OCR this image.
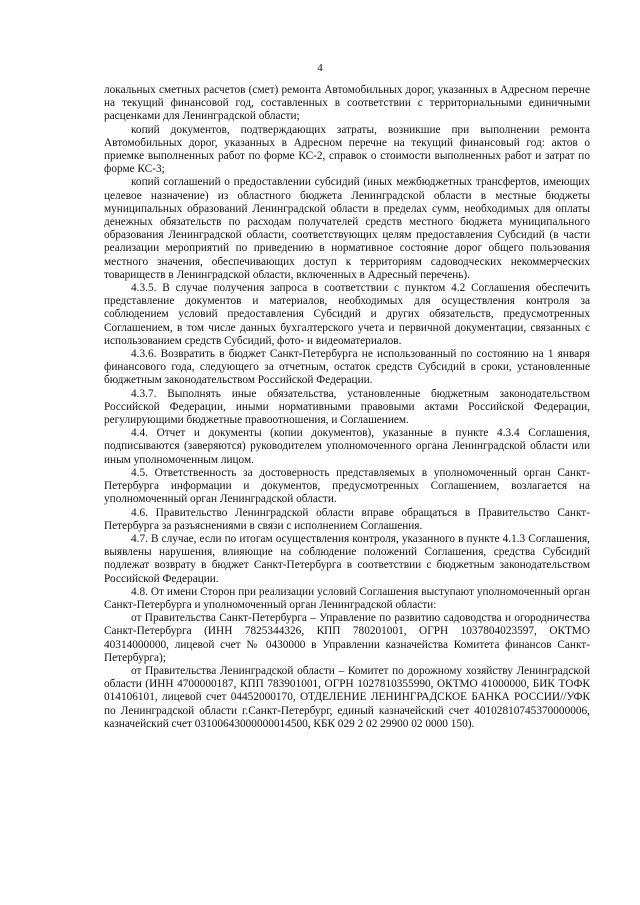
4

локальных сметных расчетов (смет) ремонта Автомобильных дорог, указанных в Адресном перечне на текущий финансовой год, составленных в соответствии с территориальными единичными расценками для Ленинградской области;

копий документов, подтверждающих затраты, возникшие при выполнении ремонта Автомобильных дорог, указанных в Адресном перечне на текущий финансовый год: актов о приемке выполненных работ по форме КС-2, справок о стоимости выполненных работ и затрат по форме КС-3;

копий соглашений о предоставлении субсидий (иных межбюджетных трансфертов, имеющих целевое назначение) из областного бюджета Ленинградской области в местные бюджеты муниципальных образований Ленинградской области в пределах сумм, необходимых для оплаты денежных обязательств по расходам получателей средств местного бюджета муниципального образования Ленинградской области, соответствующих целям предоставления Субсидий (в части реализации мероприятий по приведению в нормативное состояние дорог общего пользования местного значения, обеспечивающих доступ к территориям садоводческих некоммерческих товариществ в Ленинградской области, включенных в Адресный перечень).

4.3.5. В случае получения запроса в соответствии с пунктом 4.2 Соглашения обеспечить представление документов и материалов, необходимых для осуществления контроля за соблюдением условий предоставления Субсидий и других обязательств, предусмотренных Соглашением, в том числе данных бухгалтерского учета и первичной документации, связанных с использованием средств Субсидий, фото- и видеоматериалов.

4.3.6. Возвратить в бюджет Санкт-Петербурга не использованный по состоянию на 1 января финансового года, следующего за отчетным, остаток средств Субсидий в сроки, установленные бюджетным законодательством Российской Федерации.

4.3.7. Выполнять иные обязательства, установленные бюджетным законодательством Российской Федерации, иными нормативными правовыми актами Российской Федерации, регулирующими бюджетные правоотношения, и Соглашением.

4.4. Отчет и документы (копии документов), указанные в пункте 4.3.4 Соглашения, подписываются (заверяются) руководителем уполномоченного органа Ленинградской области или иным уполномоченным лицом.

4.5. Ответственность за достоверность представляемых в уполномоченный орган Санкт-Петербурга информации и документов, предусмотренных Соглашением, возлагается на уполномоченный орган Ленинградской области.

4.6. Правительство Ленинградской области вправе обращаться в Правительство Санкт-Петербурга за разъяснениями в связи с исполнением Соглашения.

4.7. В случае, если по итогам осуществления контроля, указанного в пункте 4.1.3 Соглашения, выявлены нарушения, влияющие на соблюдение положений Соглашения, средства Субсидий подлежат возврату в бюджет Санкт-Петербурга в соответствии с бюджетным законодательством Российской Федерации.

4.8. От имени Сторон при реализации условий Соглашения выступают уполномоченный орган Санкт-Петербурга и уполномоченный орган Ленинградской области:

от Правительства Санкт-Петербурга – Управление по развитию садоводства и огородничества Санкт-Петербурга (ИНН 7825344326, КПП 780201001, ОГРН 1037804023597, ОКТМО 40314000000, лицевой счет № 0430000 в Управлении казначейства Комитета финансов Санкт-Петербурга);

от Правительства Ленинградской области – Комитет по дорожному хозяйству Ленинградской области (ИНН 4700000187, КПП 783901001, ОГРН 1027810355990, ОКТМО 41000000, БИК ТОФК 014106101, лицевой счет 04452000170, ОТДЕЛЕНИЕ ЛЕНИНГРАДСКОЕ БАНКА РОССИИ//УФК по Ленинградской области г.Санкт-Петербург, единый казначейский счет 40102810745370000006, казначейский счет 03100643000000014500, КБК 029 2 02 29900 02 0000 150).
